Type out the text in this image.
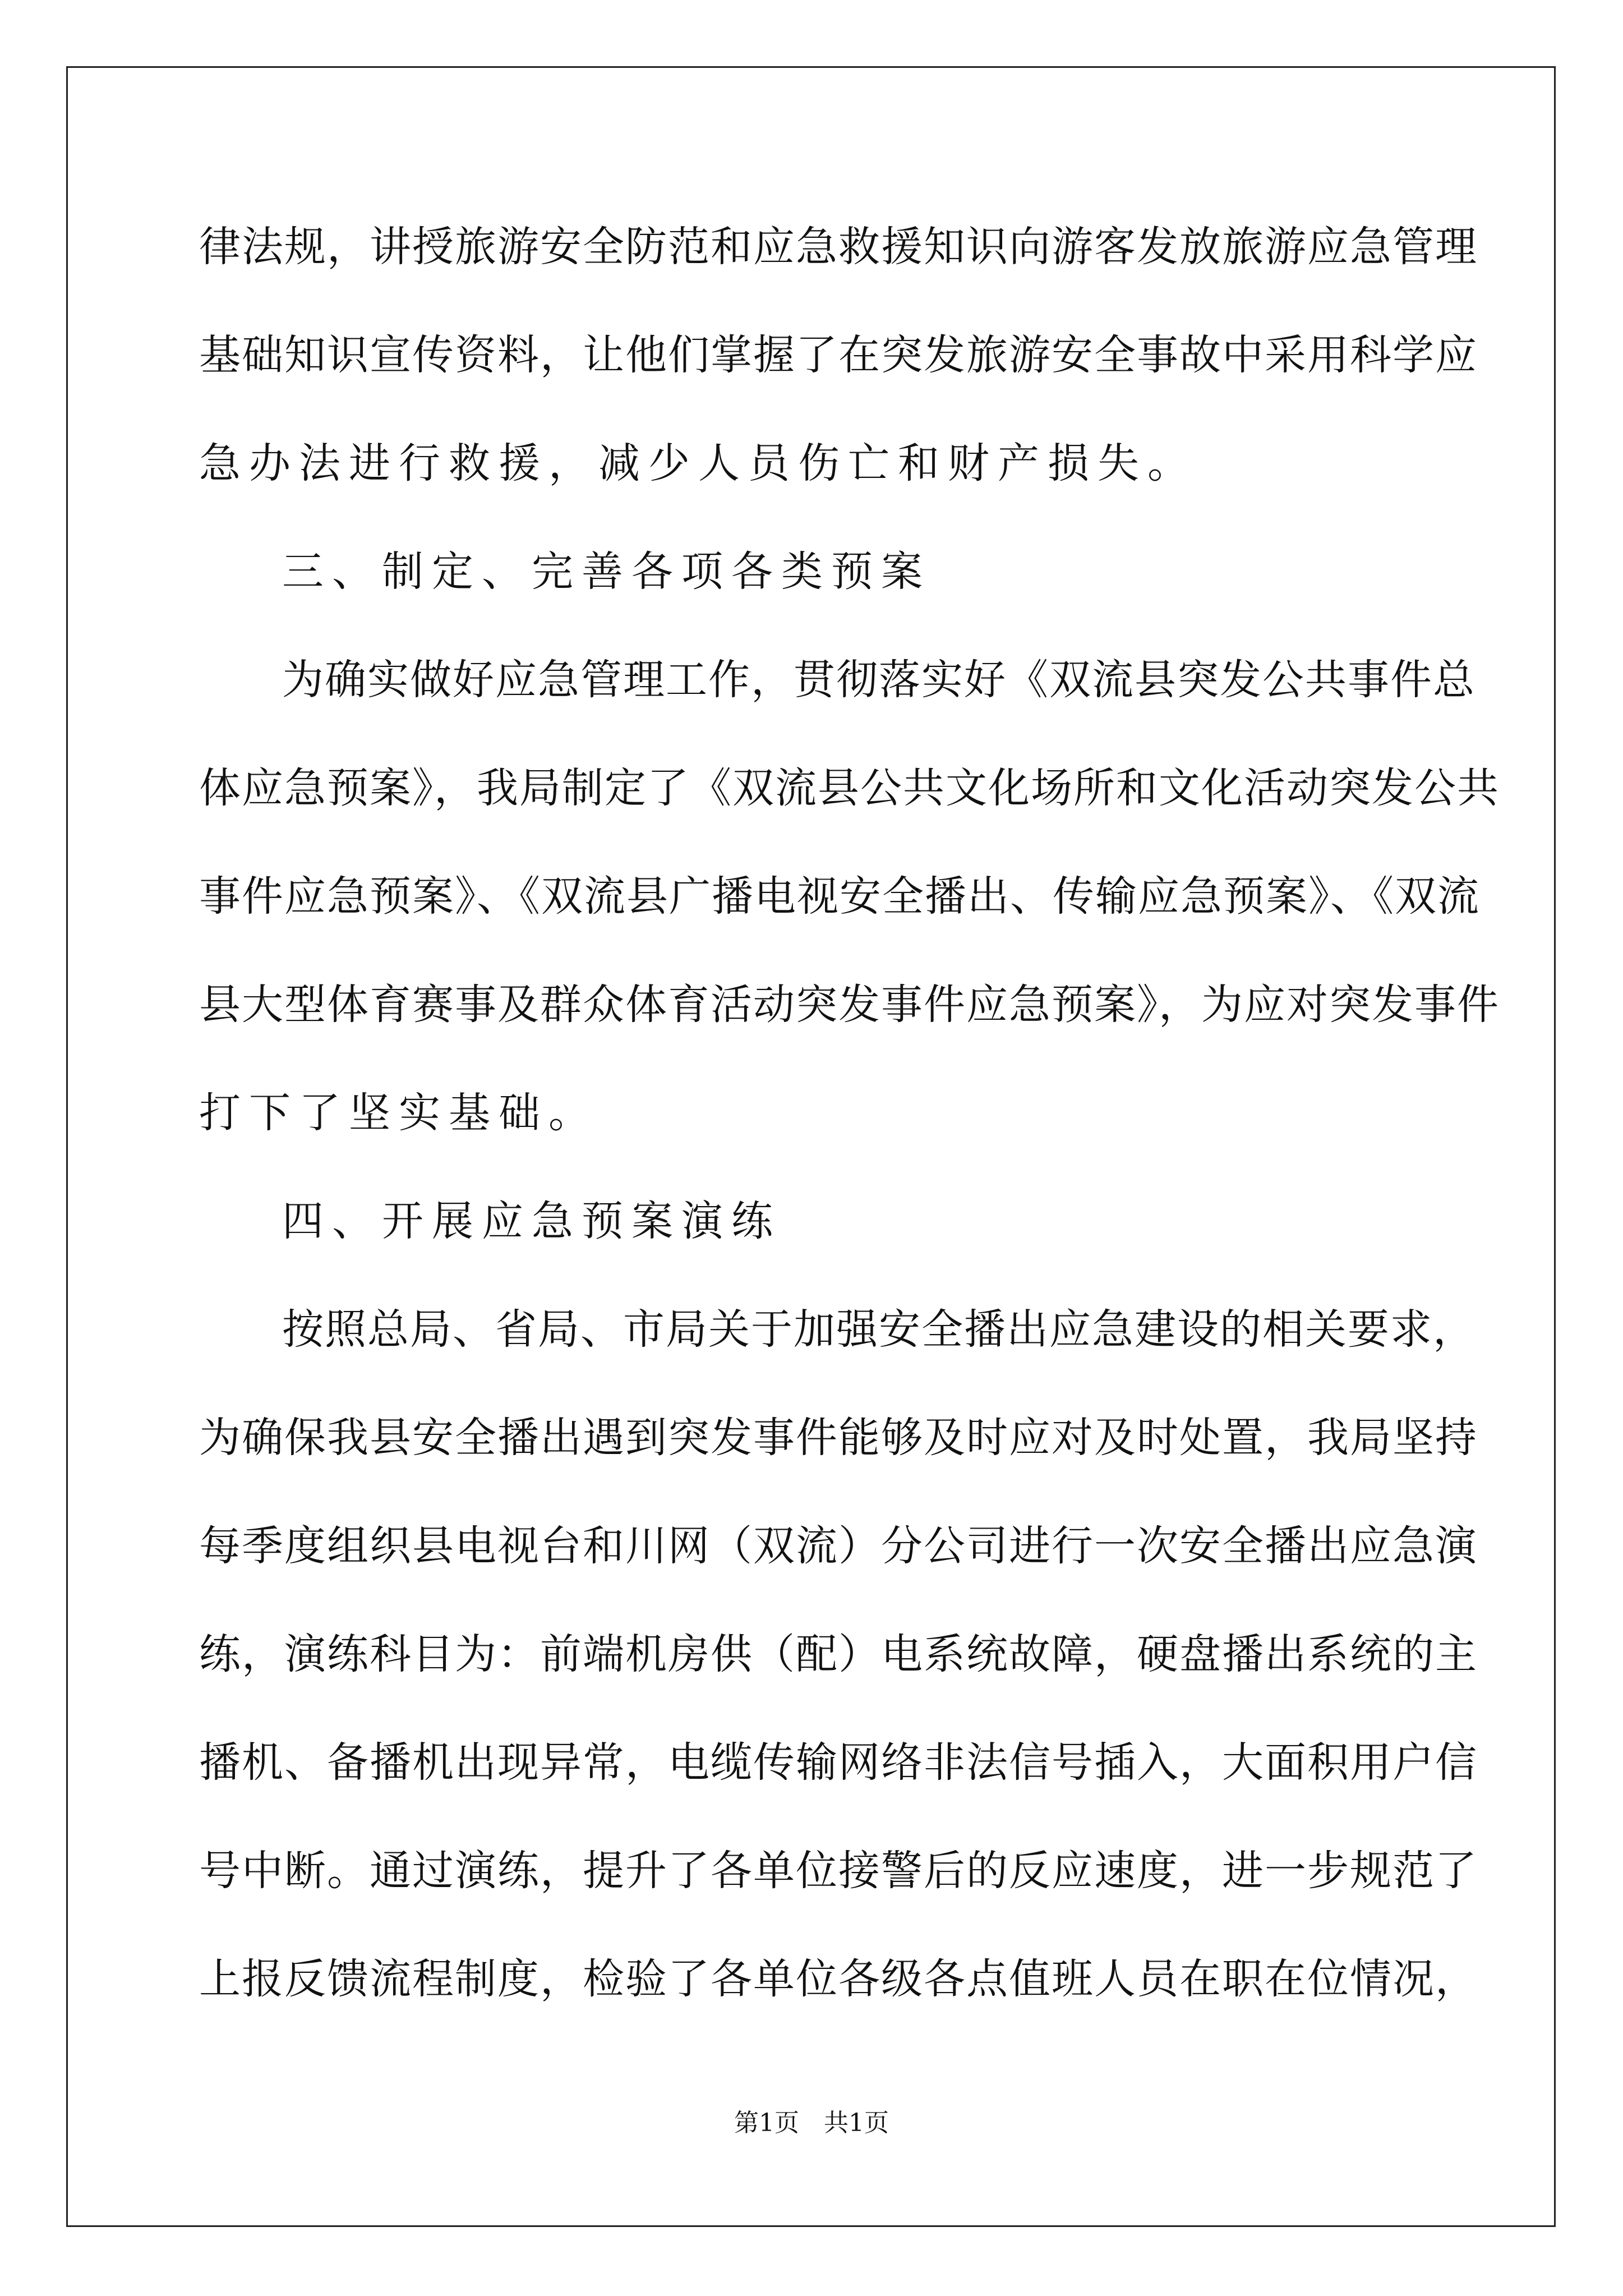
律法规，讲授旅游安全防范和应急救援知识向游客发放旅游应急管理
基础知识宣传资料，让他们掌握了在突发旅游安全事故中采用科学应
急办法进行救援，减少人员伤亡和财产损失。
三、制定、完善各项各类预案
为确实做好应急管理工作，贯彻落实好《双流县突发公共事件总
体应急预案》，我局制定了《双流县公共文化场所和文化活动突发公共
事件应急预案》、《双流县广播电视安全播出、传输应急预案》、《双流
县大型体育赛事及群众体育活动突发事件应急预案》，为应对突发事件
打下了坚实基础。
四、开展应急预案演练
按照总局、省局、市局关于加强安全播出应急建设的相关要求，
为确保我县安全播出遇到突发事件能够及时应对及时处置，我局坚持
每季度组织县电视台和川网（双流）分公司进行一次安全播出应急演
练，演练科目为：前端机房供（配）电系统故障，硬盘播出系统的主
播机、备播机出现异常，电缆传输网络非法信号插入，大面积用户信
号中断。通过演练，提升了各单位接警后的反应速度，进一步规范了
上报反馈流程制度，检验了各单位各级各点值班人员在职在位情况，
第1页 共1页
